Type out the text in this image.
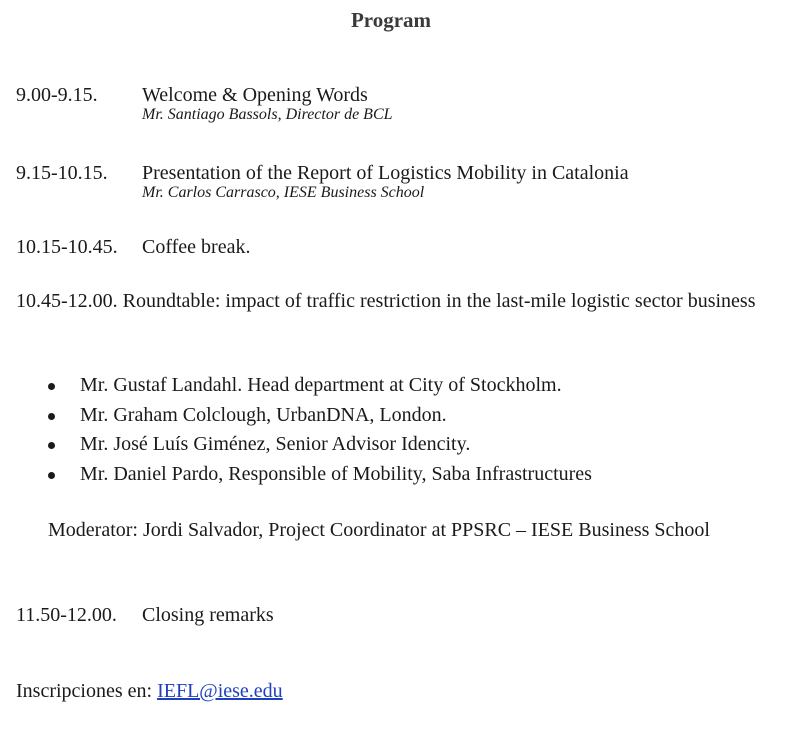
Program
9.00-9.15. Welcome & Opening Words
Mr. Santiago Bassols, Director de BCL
9.15-10.15. Presentation of the Report of Logistics Mobility in Catalonia
Mr. Carlos Carrasco, IESE Business School
10.15-10.45. Coffee break.
10.45-12.00. Roundtable: impact of traffic restriction in the last-mile logistic sector business
Mr. Gustaf Landahl. Head department at City of Stockholm.
Mr. Graham Colclough, UrbanDNA, London.
Mr. José Luís Giménez, Senior Advisor Idencity.
Mr. Daniel Pardo, Responsible of Mobility, Saba Infrastructures
Moderator: Jordi Salvador, Project Coordinator at PPSRC – IESE Business School
11.50-12.00. Closing remarks
Inscripciones en: IEFL@iese.edu
